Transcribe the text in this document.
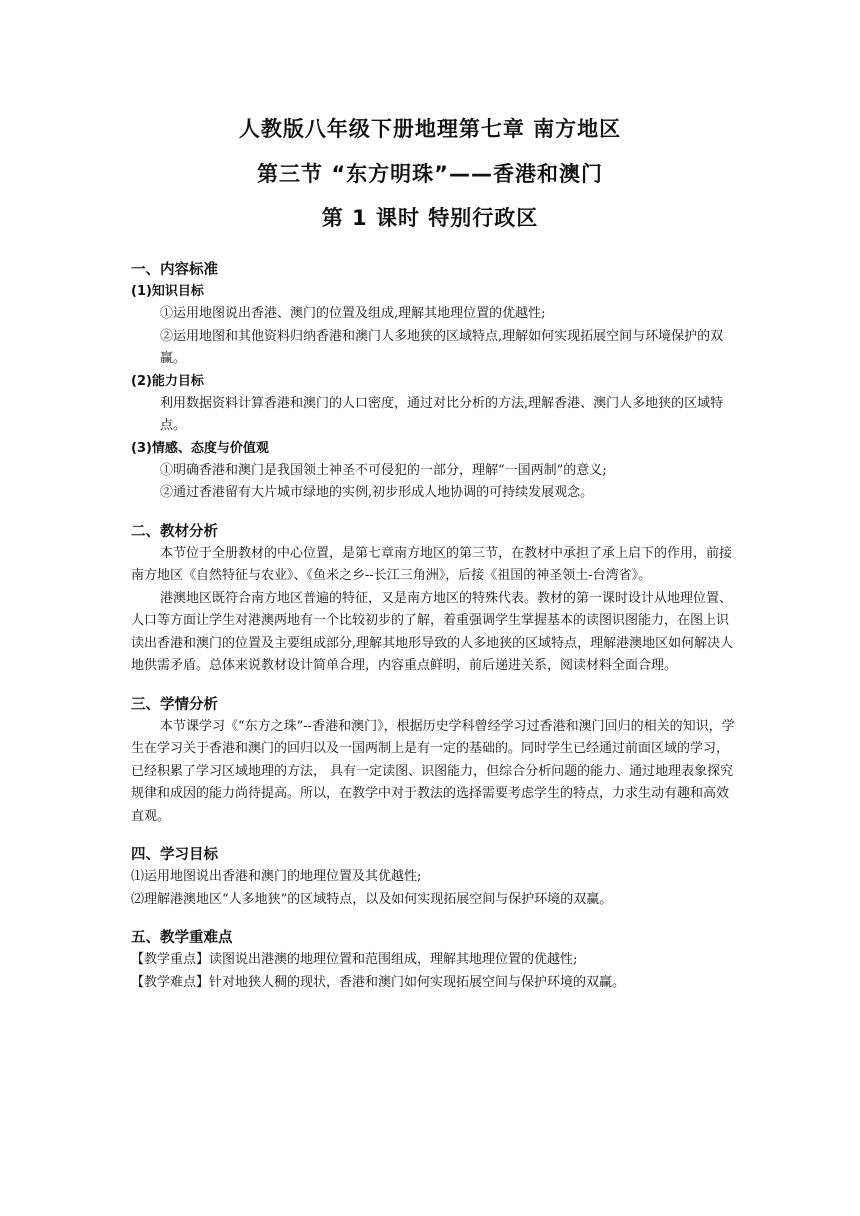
人教版八年级下册地理第七章 南方地区
第三节 “东方明珠”——香港和澳门
第 1 课时 特别行政区
一、内容标准
(1)知识目标

①运用地图说出香港、澳门的位置及组成,理解其地理位置的优越性;

②运用地图和其他资料归纳香港和澳门人多地狭的区域特点,理解如何实现拓展空间与环境保护的双赢。

(2)能力目标

利用数据资料计算香港和澳门的人口密度，通过对比分析的方法,理解香港、澳门人多地狭的区域特点。

(3)情感、态度与价值观

①明确香港和澳门是我国领土神圣不可侵犯的一部分，理解“一国两制”的意义;

②通过香港留有大片城市绿地的实例,初步形成人地协调的可持续发展观念。

二、教材分析

本节位于全册教材的中心位置，是第七章南方地区的第三节，在教材中承担了承上启下的作用，前接南方地区《自然特征与农业》、《鱼米之乡--长江三角洲》，后接《祖国的神圣领土-台湾省》。

港澳地区既符合南方地区普遍的特征，又是南方地区的特殊代表。教材的第一课时设计从地理位置、人口等方面让学生对港澳两地有一个比较初步的了解，着重强调学生掌握基本的读图识图能力，在图上识读出香港和澳门的位置及主要组成部分,理解其地形导致的人多地狭的区域特点，理解港澳地区如何解决人地供需矛盾。总体来说教材设计简单合理，内容重点鲜明，前后递进关系，阅读材料全面合理。

三、学情分析

本节课学习《“东方之珠”--香港和澳门》，根据历史学科曾经学习过香港和澳门回归的相关的知识，学生在学习关于香港和澳门的回归以及一国两制上是有一定的基础的。同时学生已经通过前面区域的学习，已经积累了学习区域地理的方法， 具有一定读图、识图能力，但综合分析问题的能力、通过地理表象探究规律和成因的能力尚待提高。所以，在教学中对于教法的选择需要考虑学生的特点，力求生动有趣和高效直观。

四、学习目标

⑴运用地图说出香港和澳门的地理位置及其优越性;

⑵理解港澳地区“人多地狭”的区域特点，以及如何实现拓展空间与保护环境的双赢。

五、教学重难点

【教学重点】读图说出港澳的地理位置和范围组成，理解其地理位置的优越性;

【教学难点】针对地狭人稠的现状，香港和澳门如何实现拓展空间与保护环境的双赢。
